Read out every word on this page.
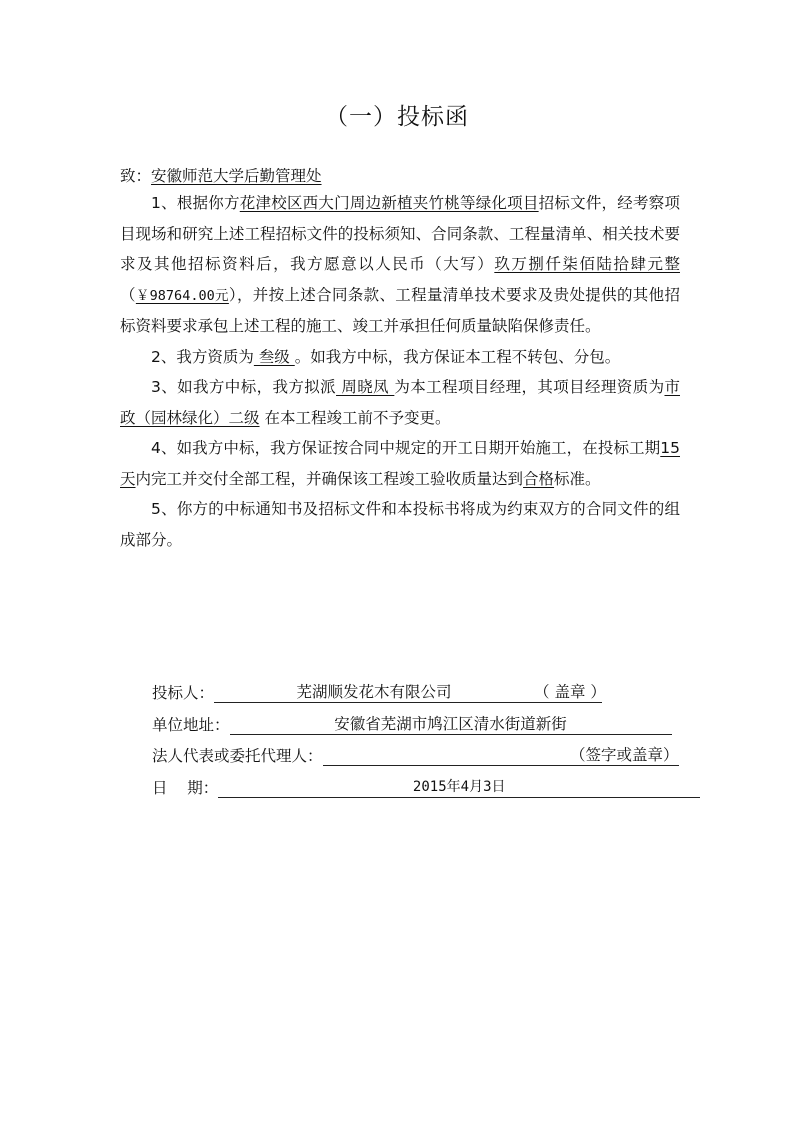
（一）投标函
致：安徽师范大学后勤管理处

1、根据你方花津校区西大门周边新植夹竹桃等绿化项目招标文件，经考察项目现场和研究上述工程招标文件的投标须知、合同条款、工程量清单、相关技术要求及其他招标资料后，我方愿意以人民币（大写）玖万捌仟柒佰陆拾肆元整（￥98764.00元），并按上述合同条款、工程量清单技术要求及贵处提供的其他招标资料要求承包上述工程的施工、竣工并承担任何质量缺陷保修责任。

2、我方资质为 叁级 。如我方中标，我方保证本工程不转包、分包。

3、如我方中标，我方拟派 周晓凤 为本工程项目经理，其项目经理资质为市政（园林绿化）二级 在本工程竣工前不予变更。

4、如我方中标，我方保证按合同中规定的开工日期开始施工，在投标工期15天内完工并交付全部工程，并确保该工程竣工验收质量达到合格标准。

5、你方的中标通知书及招标文件和本投标书将成为约束双方的合同文件的组成部分。

投标人：	芜湖顺发花木有限公司	（ 盖章 ）
单位地址：	安徽省芜湖市鸠江区清水街道新街
法人代表或委托代理人：	（签字或盖章）
日    期：	2015年4月3日
